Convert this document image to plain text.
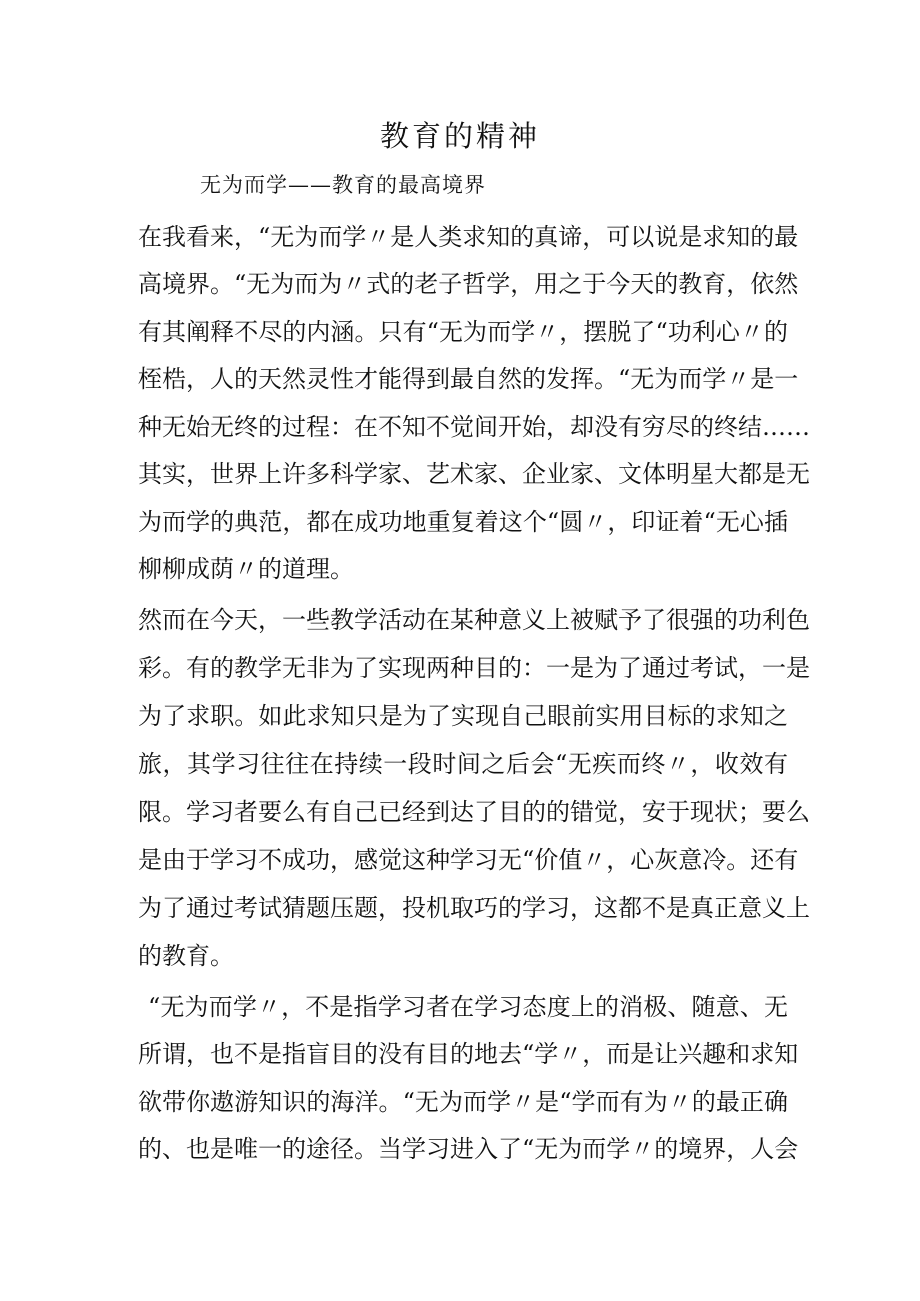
教育的精神
无为而学——教育的最高境界
在我看来，“无为而学〃是人类求知的真谛，可以说是求知的最
高境界。“无为而为〃式的老子哲学，用之于今天的教育，依然
有其阐释不尽的内涵。只有“无为而学〃，摆脱了“功利心〃的
桎梏，人的天然灵性才能得到最自然的发挥。“无为而学〃是一
种无始无终的过程：在不知不觉间开始，却没有穷尽的终结……
其实，世界上许多科学家、艺术家、企业家、文体明星大都是无
为而学的典范，都在成功地重复着这个“圆〃，印证着“无心插
柳柳成荫〃的道理。
然而在今天，一些教学活动在某种意义上被赋予了很强的功利色
彩。有的教学无非为了实现两种目的：一是为了通过考试，一是
为了求职。如此求知只是为了实现自己眼前实用目标的求知之
旅，其学习往往在持续一段时间之后会“无疾而终〃，收效有
限。学习者要么有自己已经到达了目的的错觉，安于现状；要么
是由于学习不成功，感觉这种学习无“价值〃，心灰意冷。还有
为了通过考试猜题压题，投机取巧的学习，这都不是真正意义上
的教育。
“无为而学〃，不是指学习者在学习态度上的消极、随意、无
所谓，也不是指盲目的没有目的地去“学〃，而是让兴趣和求知
欲带你遨游知识的海洋。“无为而学〃是“学而有为〃的最正确
的、也是唯一的途径。当学习进入了“无为而学〃的境界，人会
